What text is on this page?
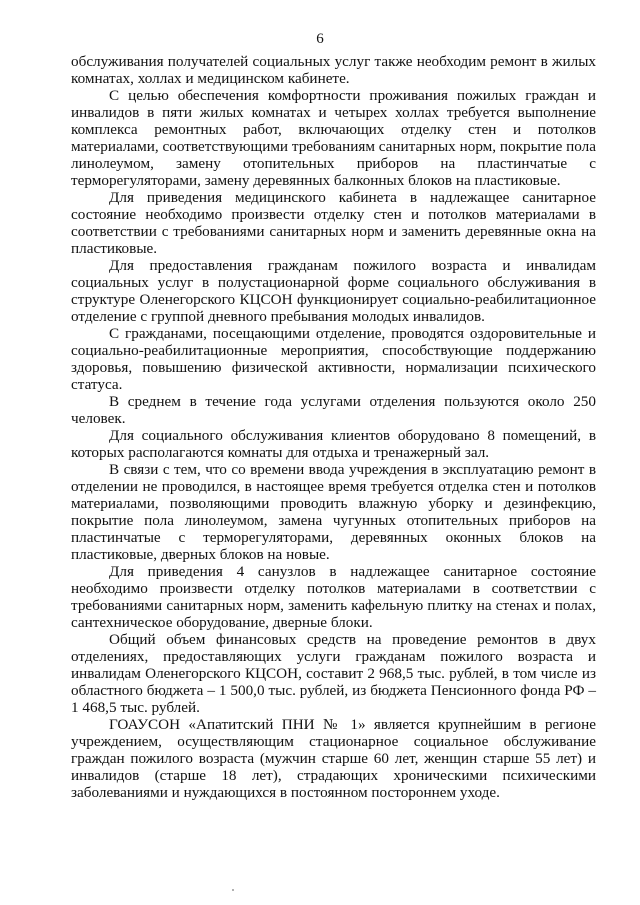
6

обслуживания получателей социальных услуг также необходим ремонт в жилых комнатах, холлах и медицинском кабинете.

С целью обеспечения комфортности проживания пожилых граждан и инвалидов в пяти жилых комнатах и четырех холлах требуется выполнение комплекса ремонтных работ, включающих отделку стен и потолков материалами, соответствующими требованиям санитарных норм, покрытие пола линолеумом, замену отопительных приборов на пластинчатые с терморегуляторами, замену деревянных балконных блоков на пластиковые.

Для приведения медицинского кабинета в надлежащее санитарное состояние необходимо произвести отделку стен и потолков материалами в соответствии с требованиями санитарных норм и заменить деревянные окна на пластиковые.

Для предоставления гражданам пожилого возраста и инвалидам социальных услуг в полустационарной форме социального обслуживания в структуре Оленегорского КЦСОН функционирует социально-реабилитационное отделение с группой дневного пребывания молодых инвалидов.

С гражданами, посещающими отделение, проводятся оздоровительные и социально-реабилитационные мероприятия, способствующие поддержанию здоровья, повышению физической активности, нормализации психического статуса.

В среднем в течение года услугами отделения пользуются около 250 человек.

Для социального обслуживания клиентов оборудовано 8 помещений, в которых располагаются комнаты для отдыха и тренажерный зал.

В связи с тем, что со времени ввода учреждения в эксплуатацию ремонт в отделении не проводился, в настоящее время требуется отделка стен и потолков материалами, позволяющими проводить влажную уборку и дезинфекцию, покрытие пола линолеумом, замена чугунных отопительных приборов на пластинчатые с терморегуляторами, деревянных оконных блоков на пластиковые, дверных блоков на новые.

Для приведения 4 санузлов в надлежащее санитарное состояние необходимо произвести отделку потолков материалами в соответствии с требованиями санитарных норм, заменить кафельную плитку на стенах и полах, сантехническое оборудование, дверные блоки.

Общий объем финансовых средств на проведение ремонтов в двух отделениях, предоставляющих услуги гражданам пожилого возраста и инвалидам Оленегорского КЦСОН, составит 2 968,5 тыс. рублей, в том числе из областного бюджета – 1 500,0 тыс. рублей, из бюджета Пенсионного фонда РФ – 1 468,5 тыс. рублей.

ГОАУСОН «Апатитский ПНИ № 1» является крупнейшим в регионе учреждением, осуществляющим стационарное социальное обслуживание граждан пожилого возраста (мужчин старше 60 лет, женщин старше 55 лет) и инвалидов (старше 18 лет), страдающих хроническими психическими заболеваниями и нуждающихся в постоянном постороннем уходе.
